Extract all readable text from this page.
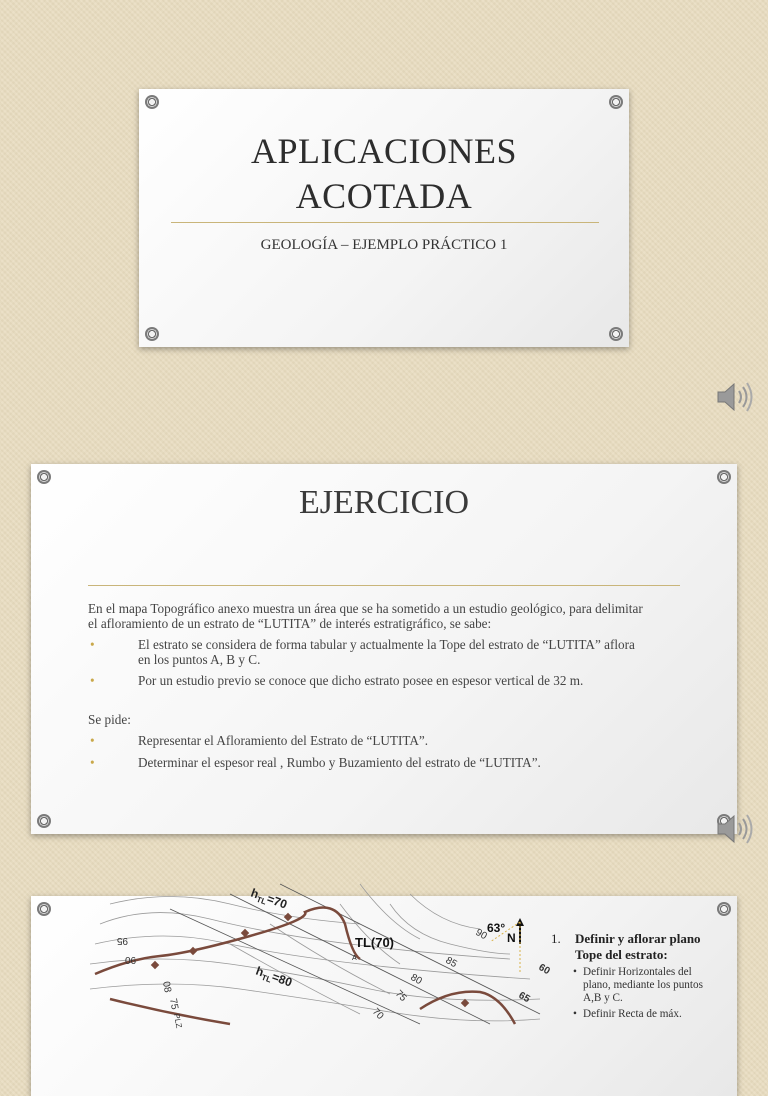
APLICACIONES
ACOTADA
GEOLOGÍA – EJEMPLO PRÁCTICO 1
EJERCICIO
En el mapa Topográfico anexo muestra un área que se ha sometido a un estudio geológico, para delimitar el afloramiento de un estrato de “LUTITA” de interés estratigráfico, se sabe:
• El estrato se considera de forma tabular y actualmente la Tope del estrato de “LUTITA” aflora en los puntos A, B y C.
• Por un estudio previo se conoce que dicho estrato posee en espesor vertical de 32 m.
Se pide:
• Representar el Afloramiento del Estrato de “LUTITA”.
• Determinar el espesor real , Rumbo y Buzamiento del estrato de “LUTITA”.
$h_{TL}=70$
$h_{TL}=80$
TL(70)
A
63°
N
95	90
85
80
75
70
60
65
06
08
75
PLZ
1. Definir y aflorar plano Tope del estrato:
• Definir Horizontales del plano, mediante los puntos A,B y C.
• Definir Recta de máx.
